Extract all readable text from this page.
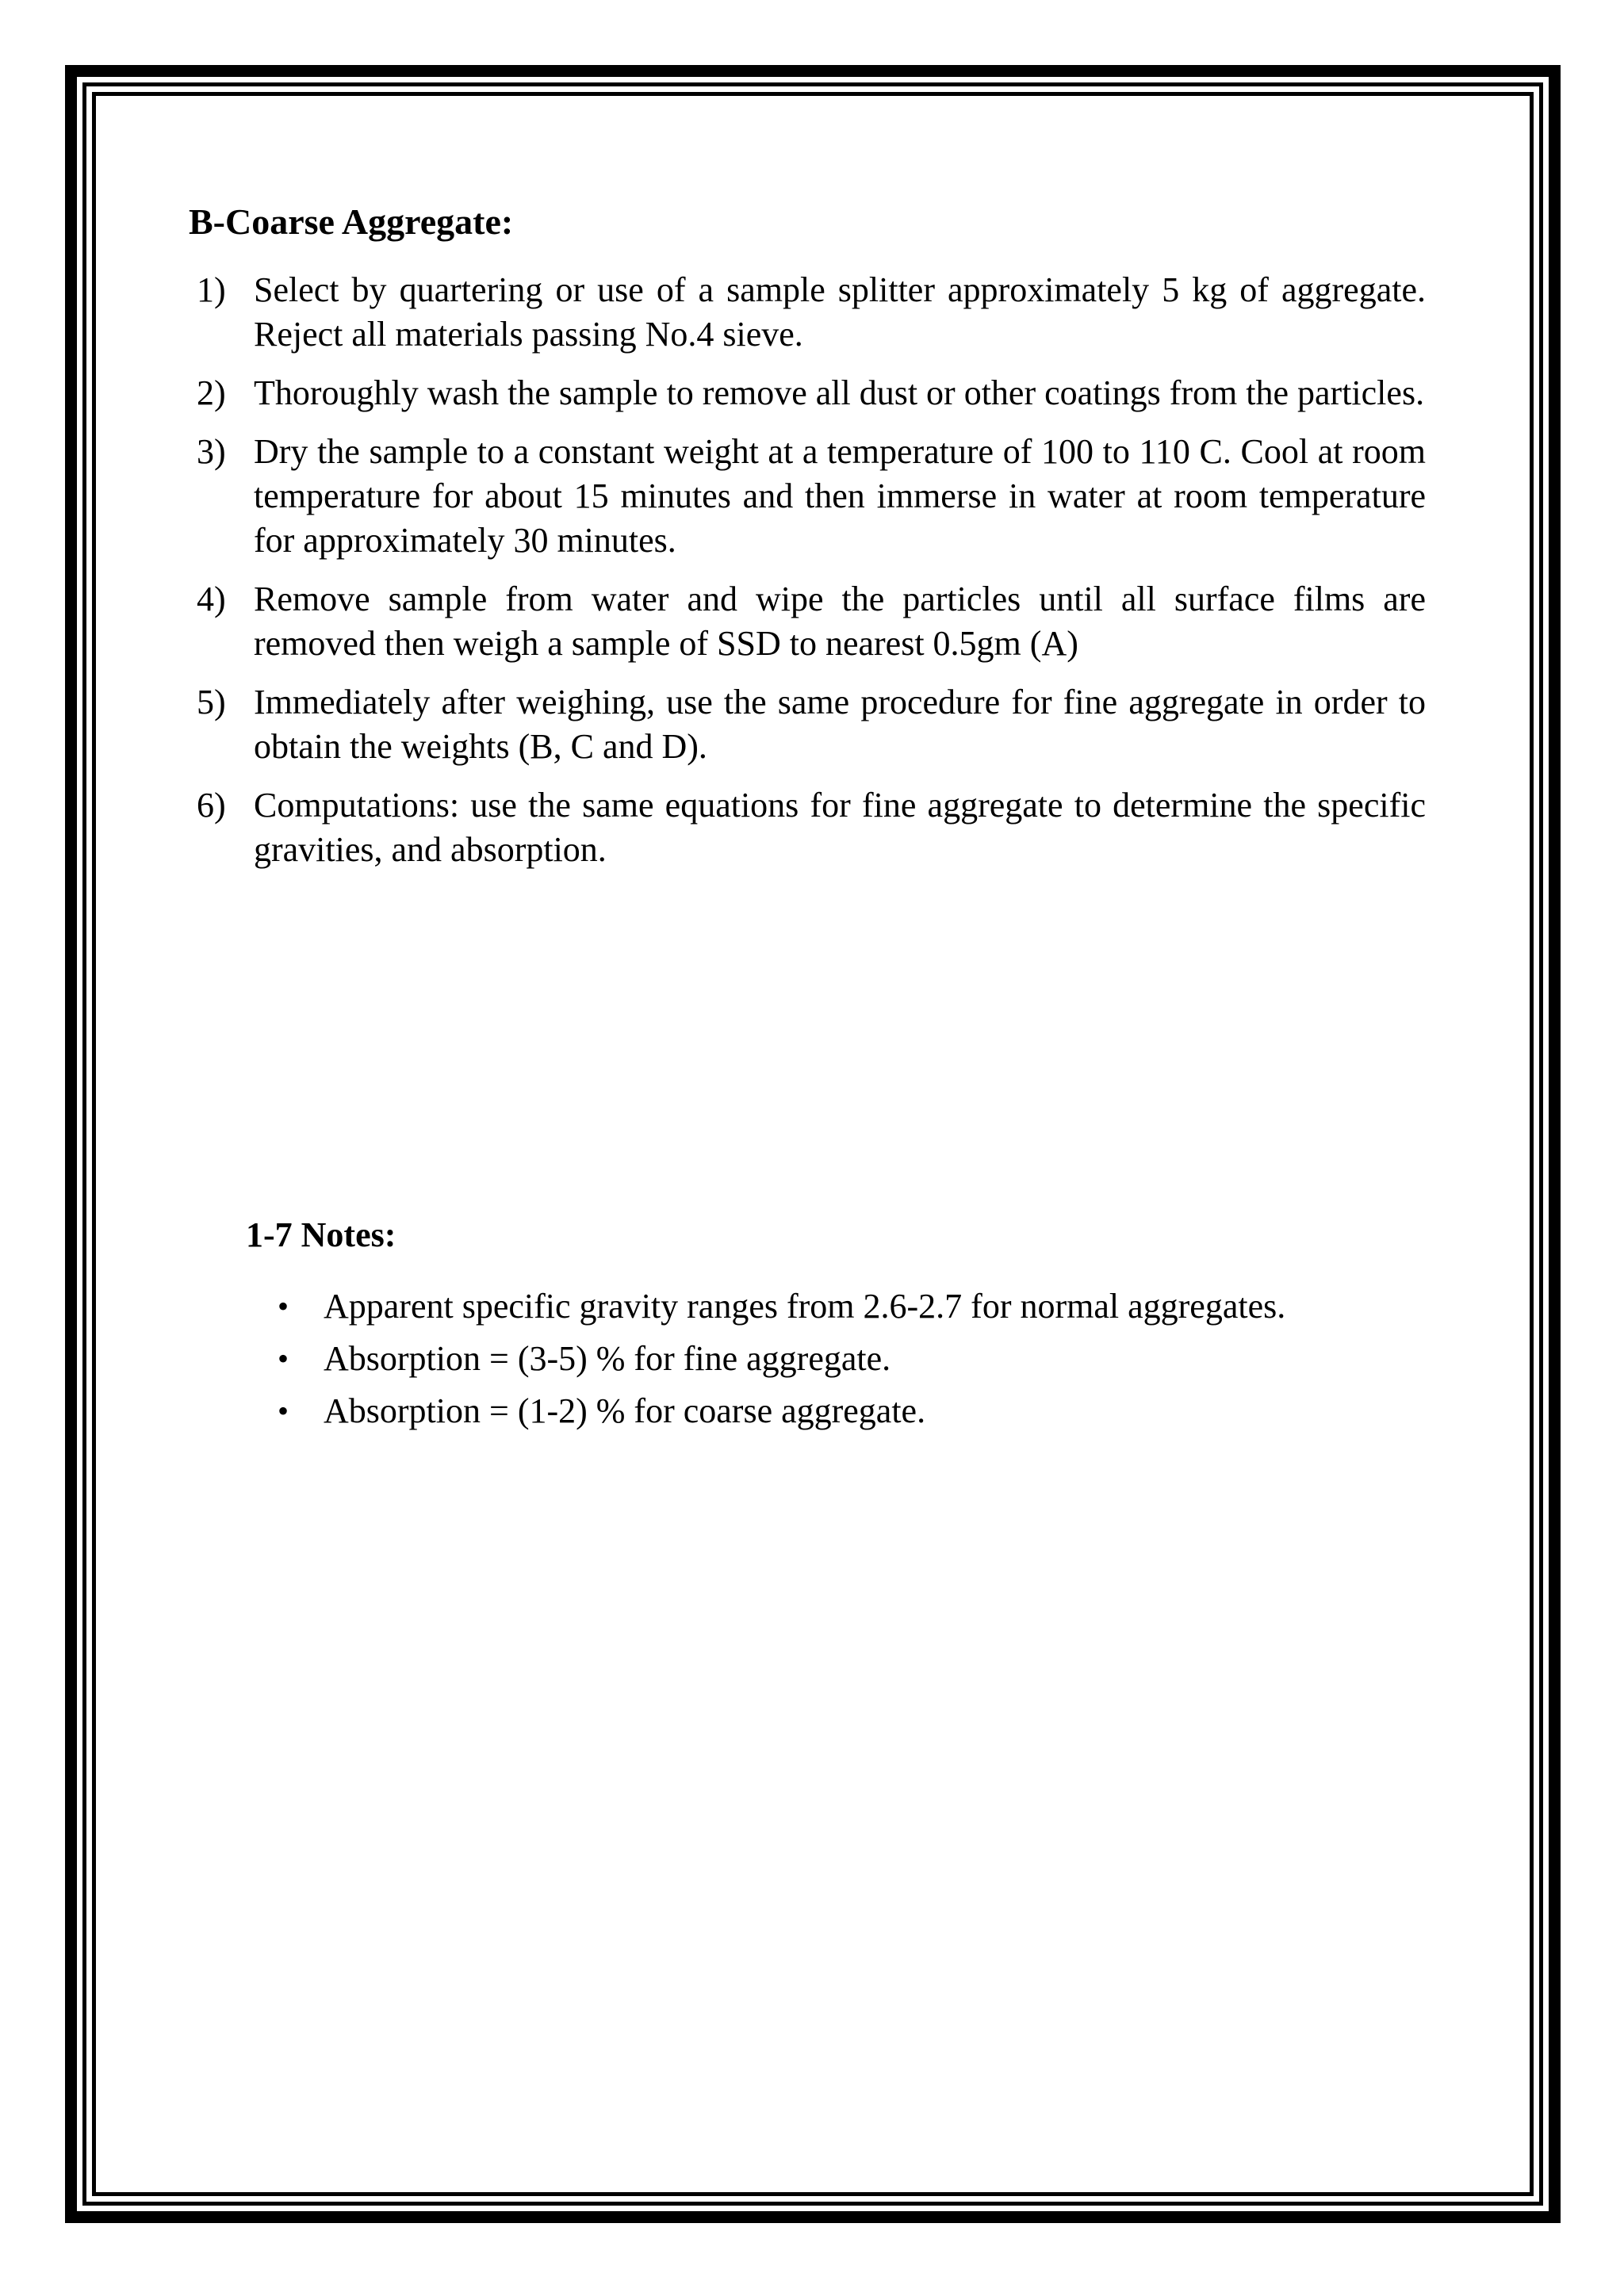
B-Coarse Aggregate:
1) Select by quartering or use of a sample splitter approximately 5 kg of aggregate. Reject all materials passing No.4 sieve.
2) Thoroughly wash the sample to remove all dust or other coatings from the particles.
3) Dry the sample to a constant weight at a temperature of 100 to 110 C. Cool at room temperature for about 15 minutes and then immerse in water at room temperature for approximately 30 minutes.
4) Remove sample from water and wipe the particles until all surface films are removed then weigh a sample of SSD to nearest 0.5gm (A)
5) Immediately after weighing, use the same procedure for fine aggregate in order to obtain the weights (B, C and D).
6) Computations: use the same equations for fine aggregate to determine the specific gravities, and absorption.
1-7 Notes:
• Apparent specific gravity ranges from 2.6-2.7 for normal aggregates.
• Absorption = (3-5) % for fine aggregate.
• Absorption = (1-2) % for coarse aggregate.
